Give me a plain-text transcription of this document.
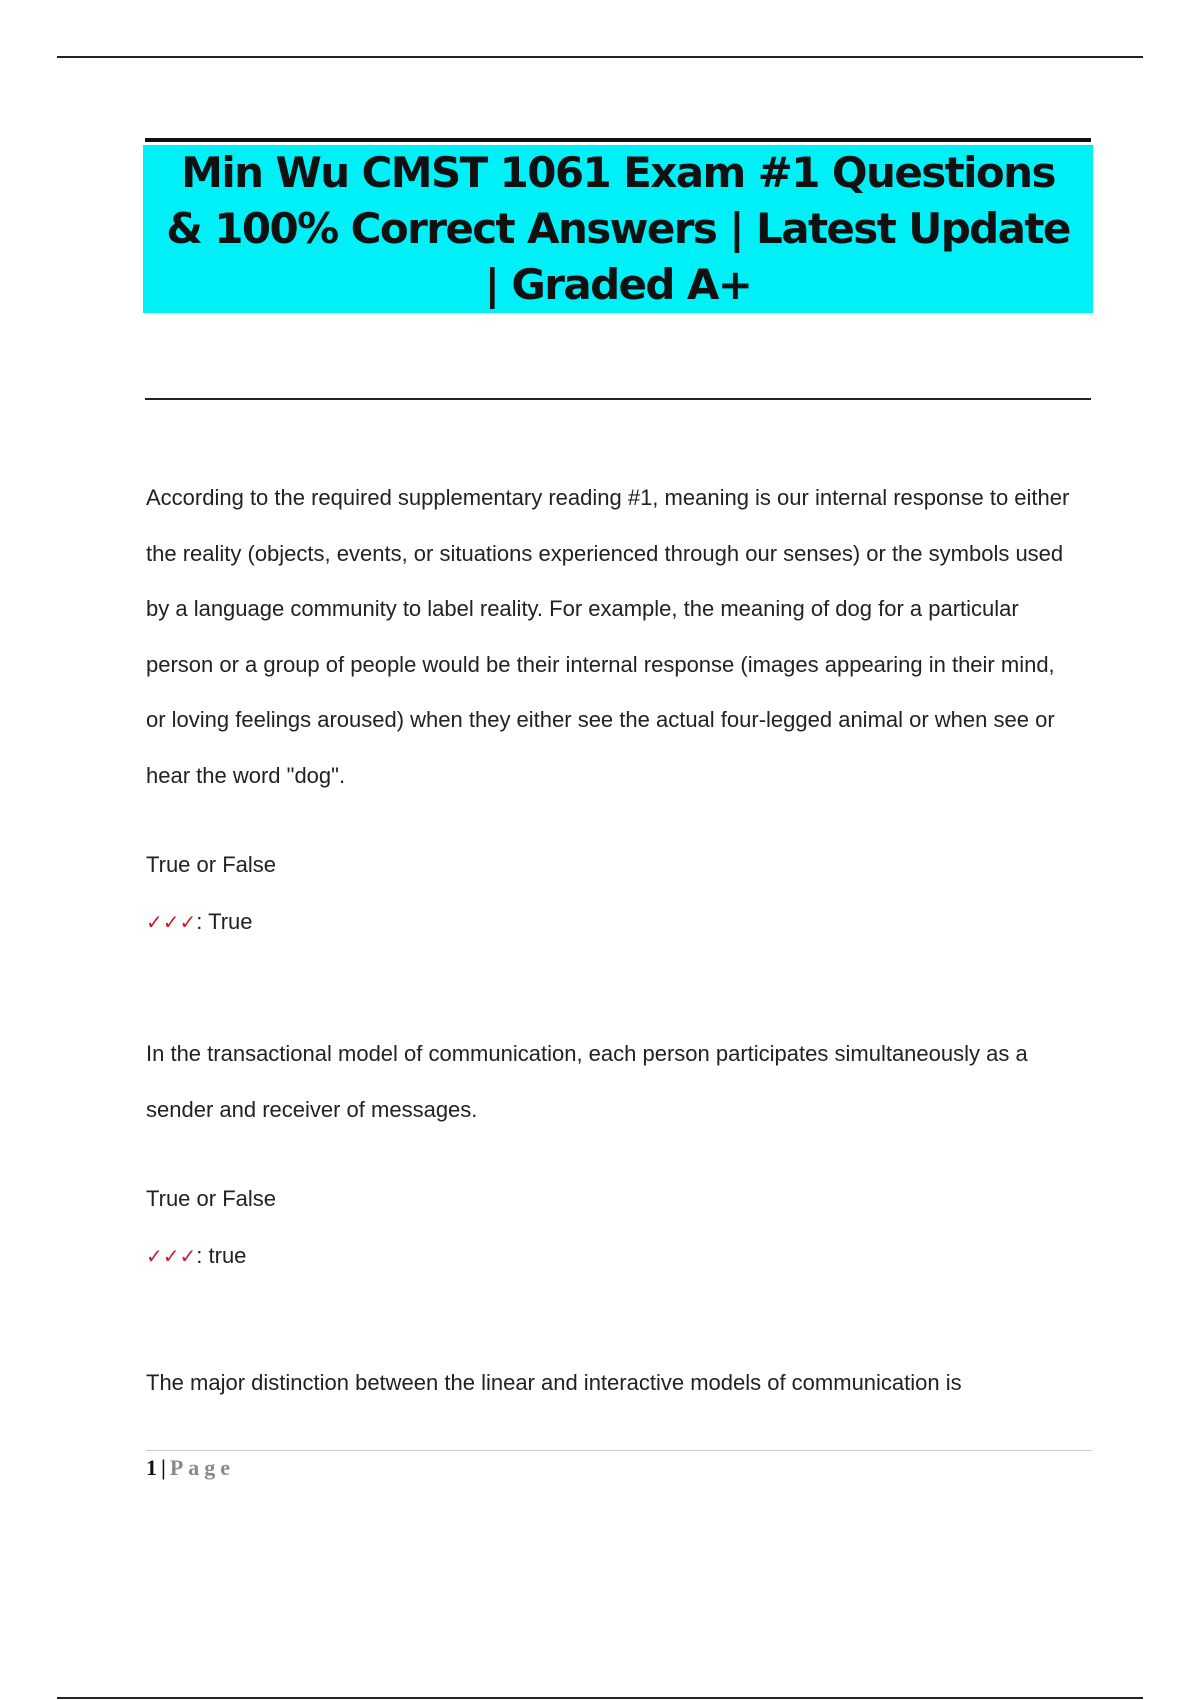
Min Wu CMST 1061 Exam #1 Questions & 100% Correct Answers | Latest Update | Graded A+

According to the required supplementary reading #1, meaning is our internal response to either the reality (objects, events, or situations experienced through our senses) or the symbols used by a language community to label reality. For example, the meaning of dog for a particular person or a group of people would be their internal response (images appearing in their mind, or loving feelings aroused) when they either see the actual four-legged animal or when see or hear the word "dog".

True or False

✓✓✓ : True

In the transactional model of communication, each person participates simultaneously as a sender and receiver of messages.

True or False

✓✓✓ : true

The major distinction between the linear and interactive models of communication is

1 | Page
